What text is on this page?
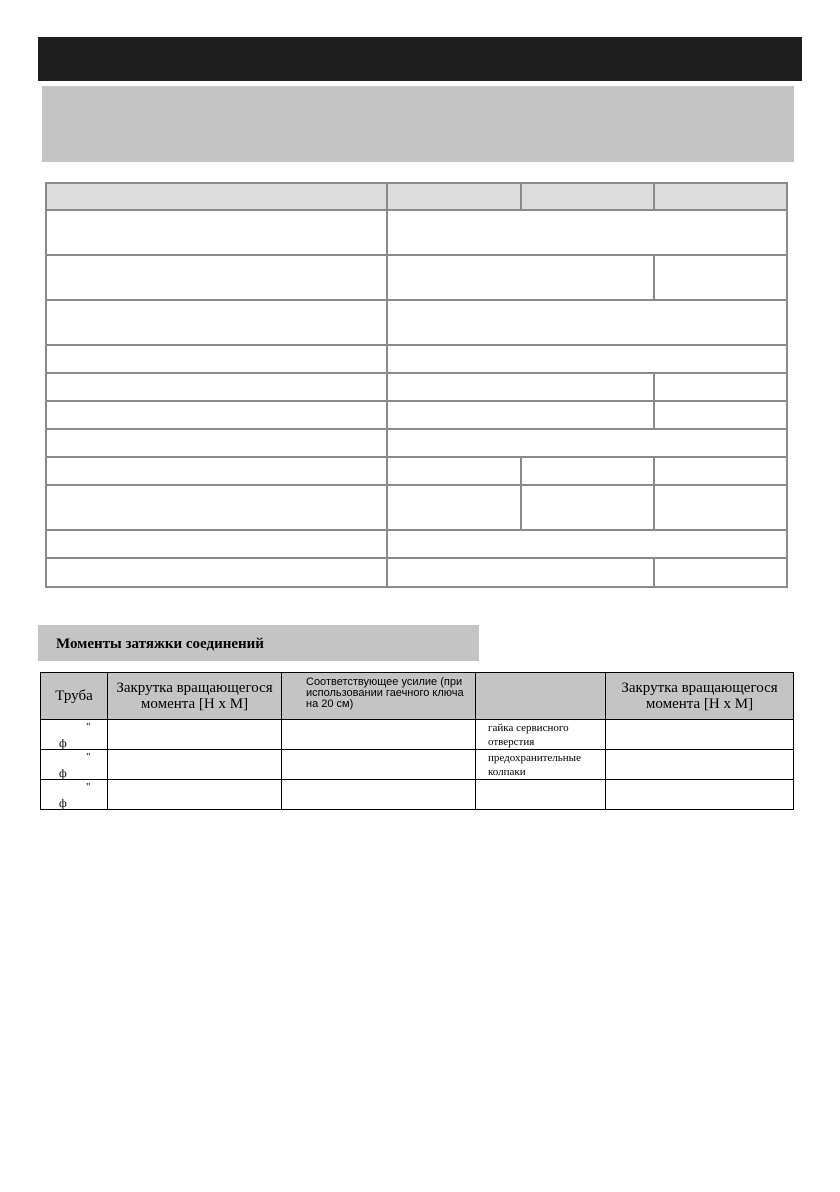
Моменты затяжки соединений
Труба	Закрутка вращающегося момента [Н х М]	Соответствующее усилие (при использовании гаечного ключа на 20 см)		Закрутка вращающегося момента [Н х М]

"
ф			гайка сервисного отверстия	

"
ф			предохранительные колпаки	

"
ф				
